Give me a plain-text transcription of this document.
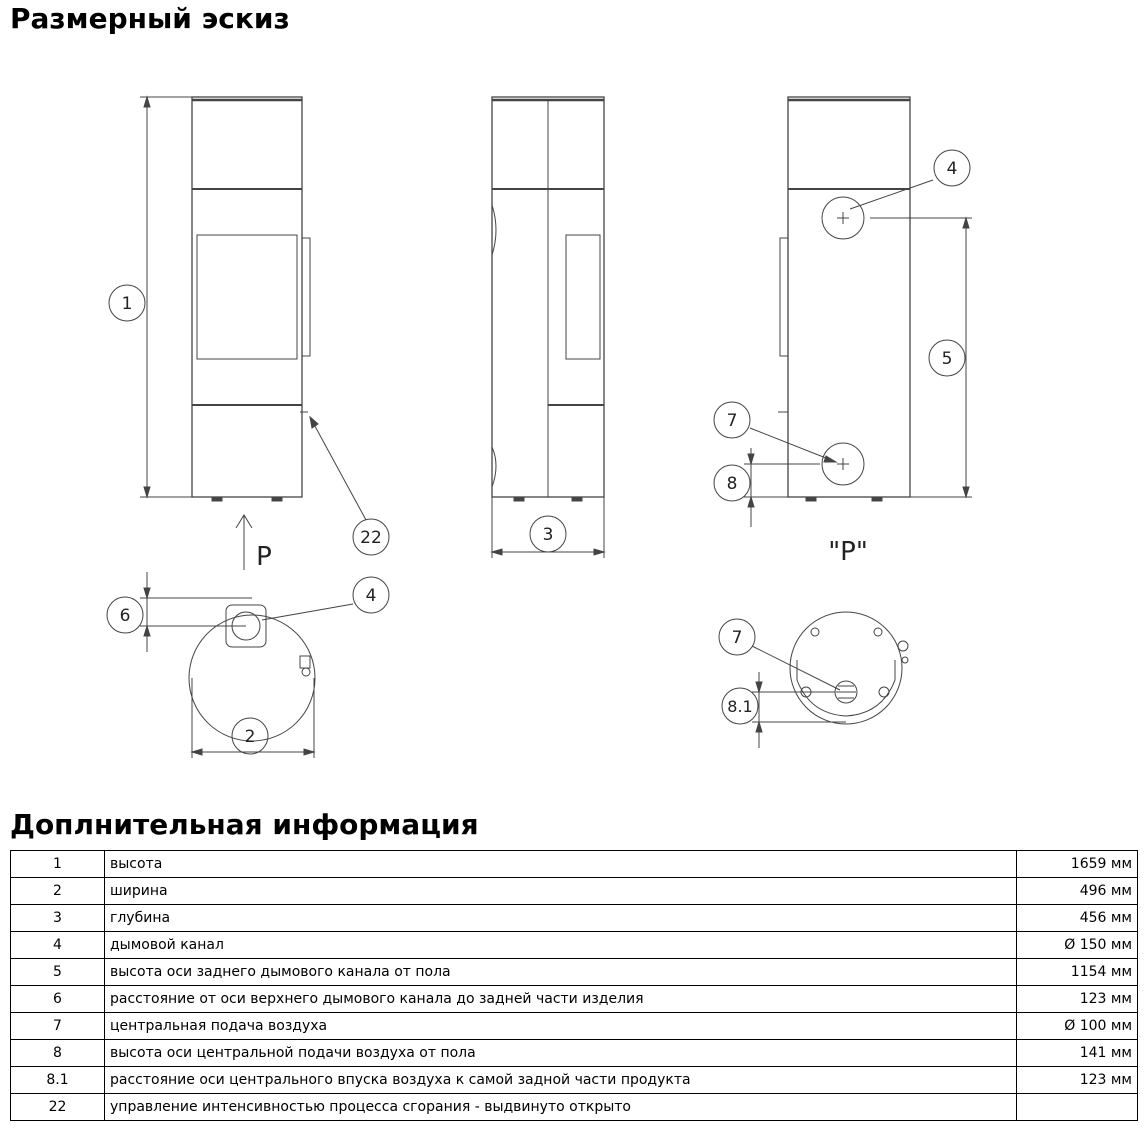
Размерный эскиз
1
22	3
4
5
7
8
6
4
2
7
8.1
P	"P"
Доплнительная информация
1	высота	1659 мм
2	ширина	496 мм
3	глубина	456 мм
4	дымовой канал	Ø 150 мм
5	высота оси заднего дымового канала от пола	1154 мм
6	расстояние от оси верхнего дымового канала до задней части изделия	123 мм
7	центральная подача воздуха	Ø 100 мм
8	высота оси центральной подачи воздуха от пола	141 мм
8.1	расстояние оси центрального впуска воздуха к самой задной части продукта	123 мм
22	управление интенсивностью процесса сгорания - выдвинуто открыто	
